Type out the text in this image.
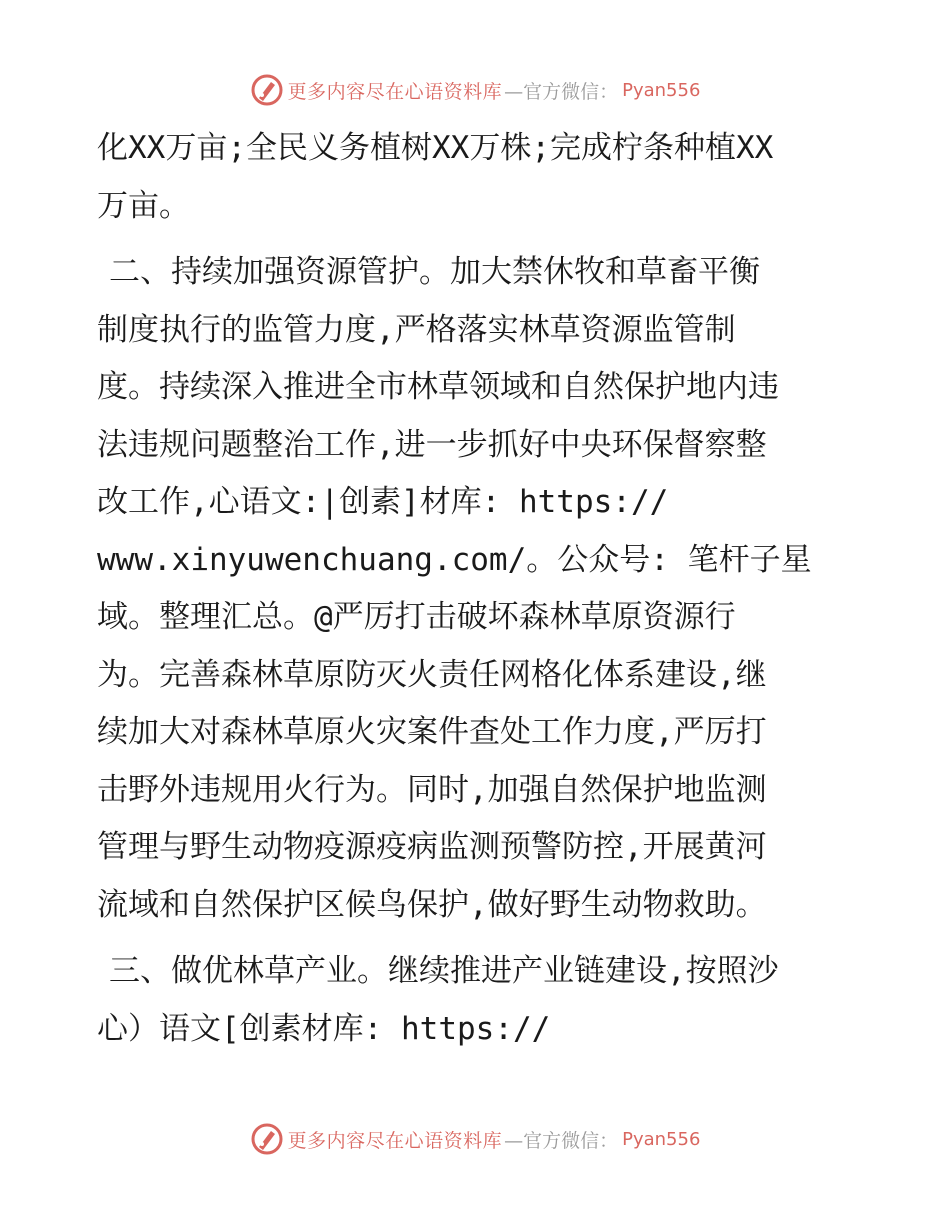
更多内容尽在心语资料库 —官方微信： Pyan556

化XX万亩;全民义务植树XX万株;完成柠条种植XX
万亩。

二、持续加强资源管护。加大禁休牧和草畜平衡
制度执行的监管力度,严格落实林草资源监管制
度。持续深入推进全市林草领域和自然保护地内违
法违规问题整治工作,进一步抓好中央环保督察整
改工作,心语文:|创素]材库: https://
www.xinyuwenchuang.com/。公众号: 笔杆子星
域。整理汇总。@严厉打击破坏森林草原资源行
为。完善森林草原防灭火责任网格化体系建设,继
续加大对森林草原火灾案件查处工作力度,严厉打
击野外违规用火行为。同时,加强自然保护地监测
管理与野生动物疫源疫病监测预警防控,开展黄河
流域和自然保护区候鸟保护,做好野生动物救助。

三、做优林草产业。继续推进产业链建设,按照沙
心）语文[创素材库: https://

更多内容尽在心语资料库 —官方微信： Pyan556
